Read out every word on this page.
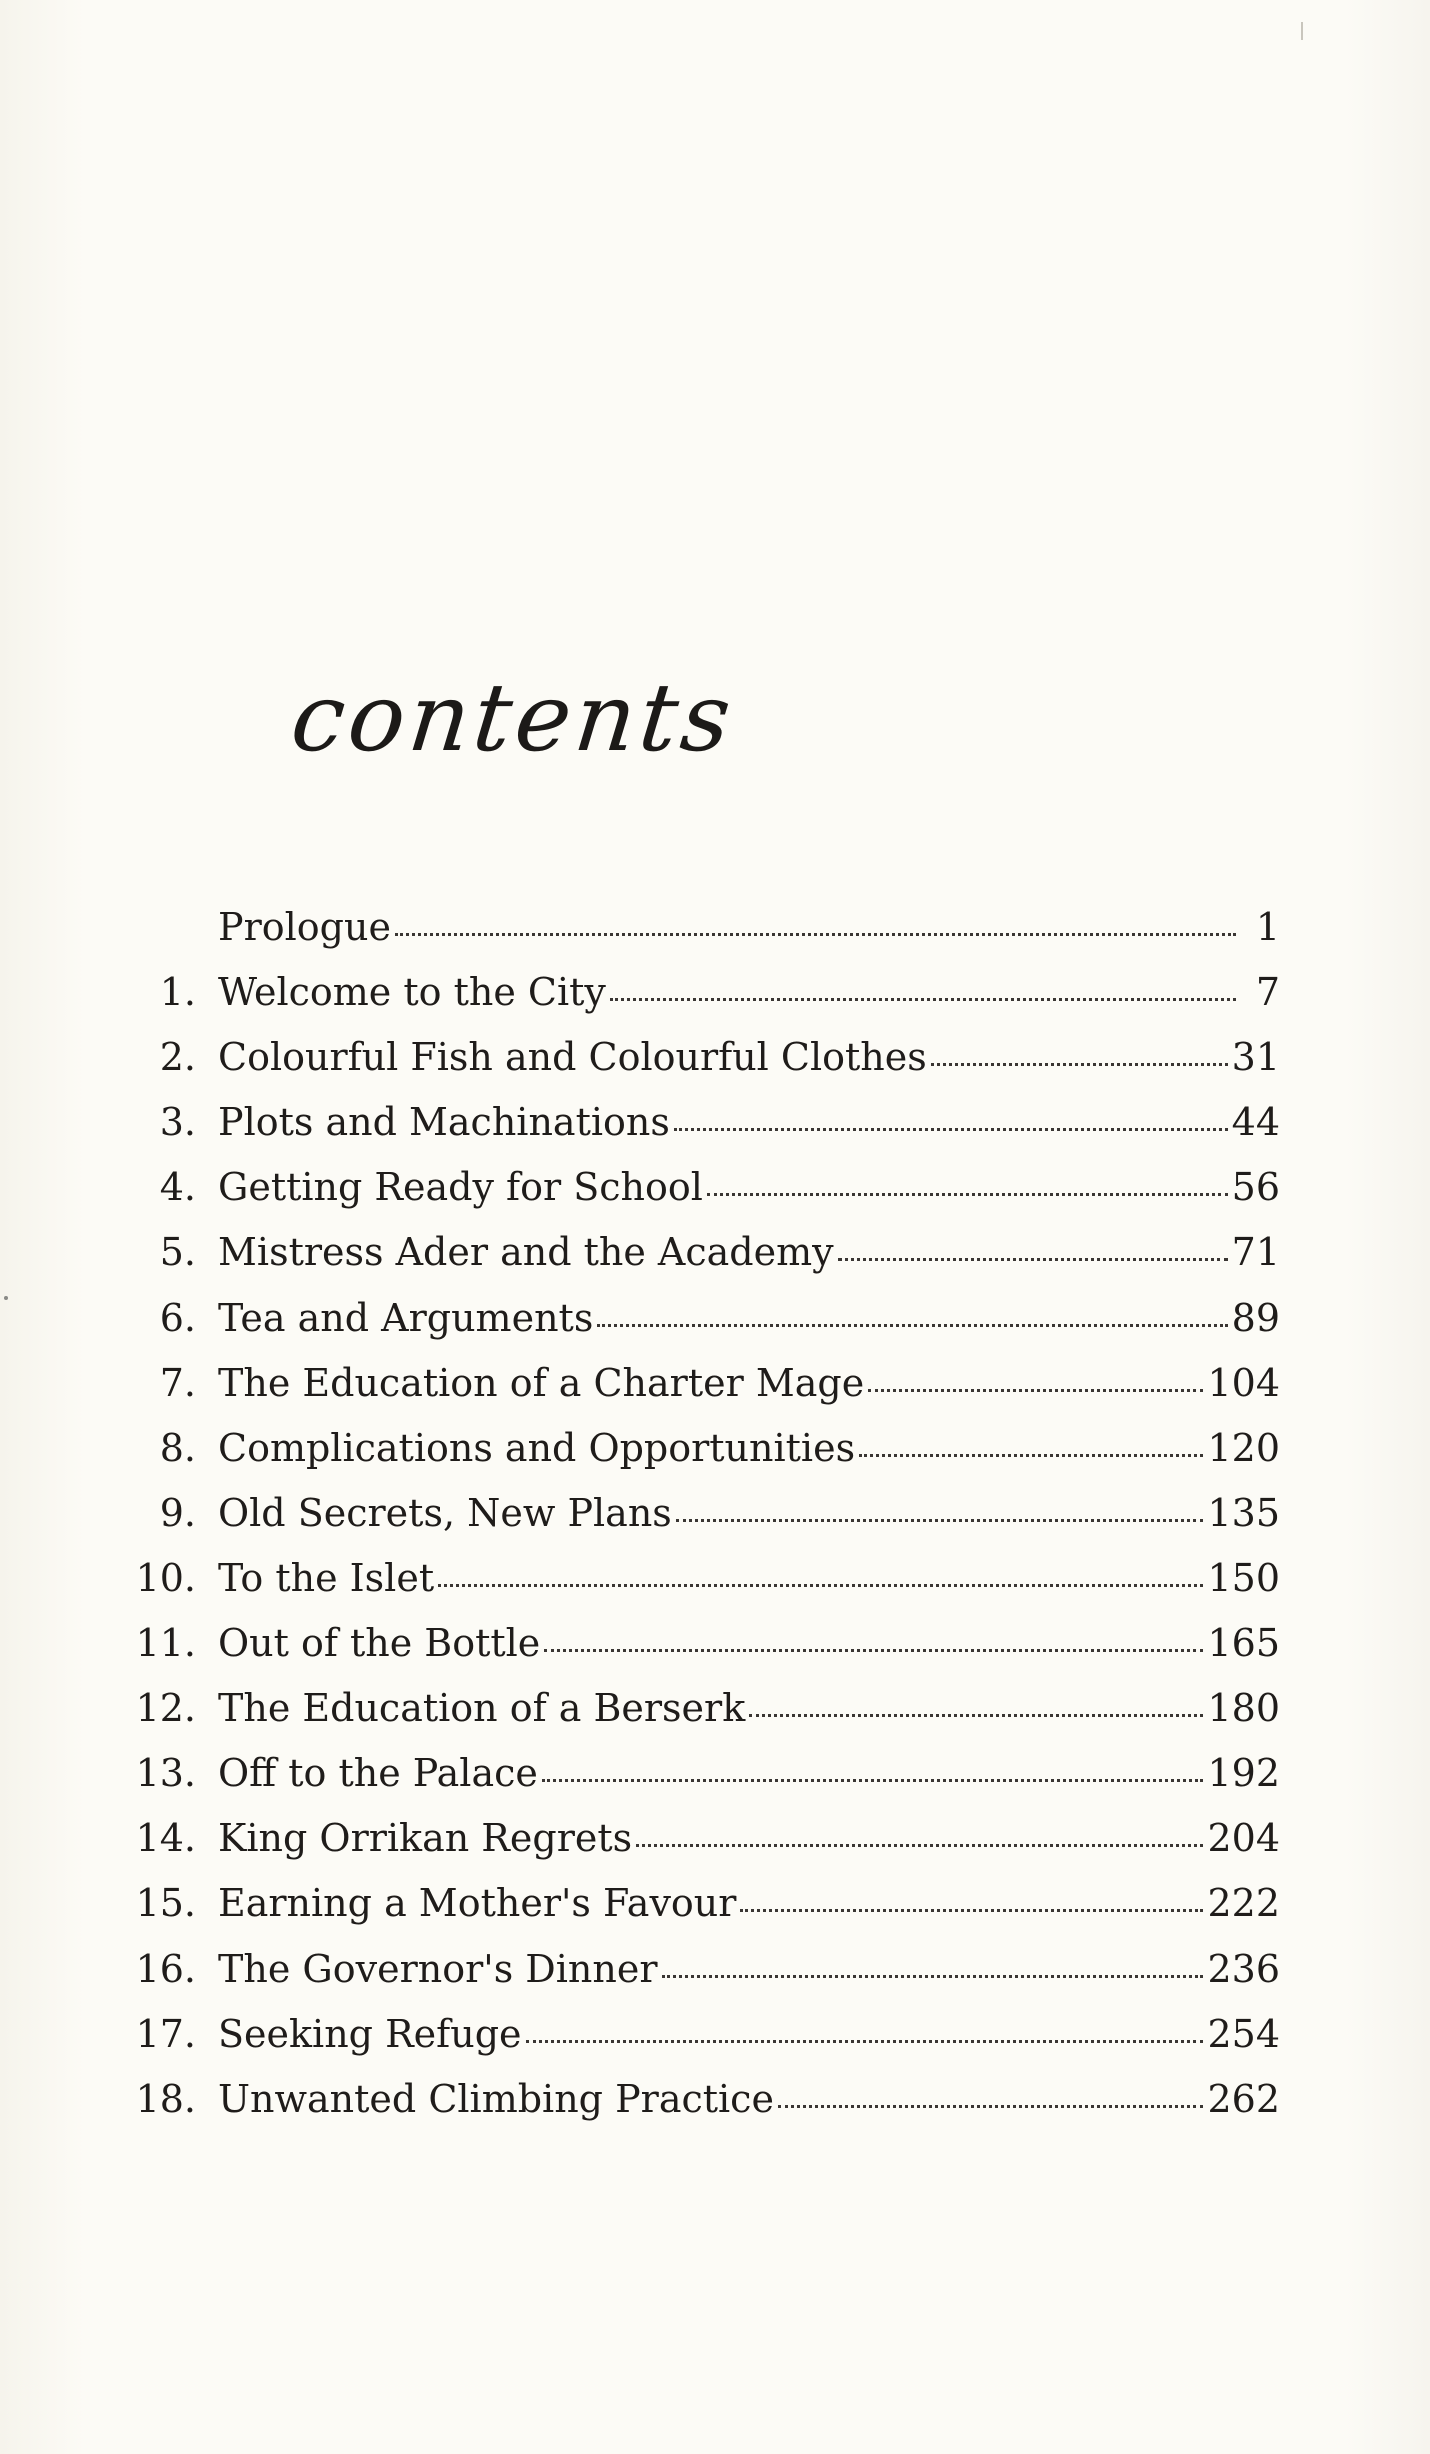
contents
Prologue	1
1. Welcome to the City	7
2. Colourful Fish and Colourful Clothes	31
3. Plots and Machinations	44
4. Getting Ready for School	56
5. Mistress Ader and the Academy	71
6. Tea and Arguments	89
7. The Education of a Charter Mage	104
8. Complications and Opportunities	120
9. Old Secrets, New Plans	135
10. To the Islet	150
11. Out of the Bottle	165
12. The Education of a Berserk	180
13. Off to the Palace	192
14. King Orrikan Regrets	204
15. Earning a Mother's Favour	222
16. The Governor's Dinner	236
17. Seeking Refuge	254
18. Unwanted Climbing Practice	262
